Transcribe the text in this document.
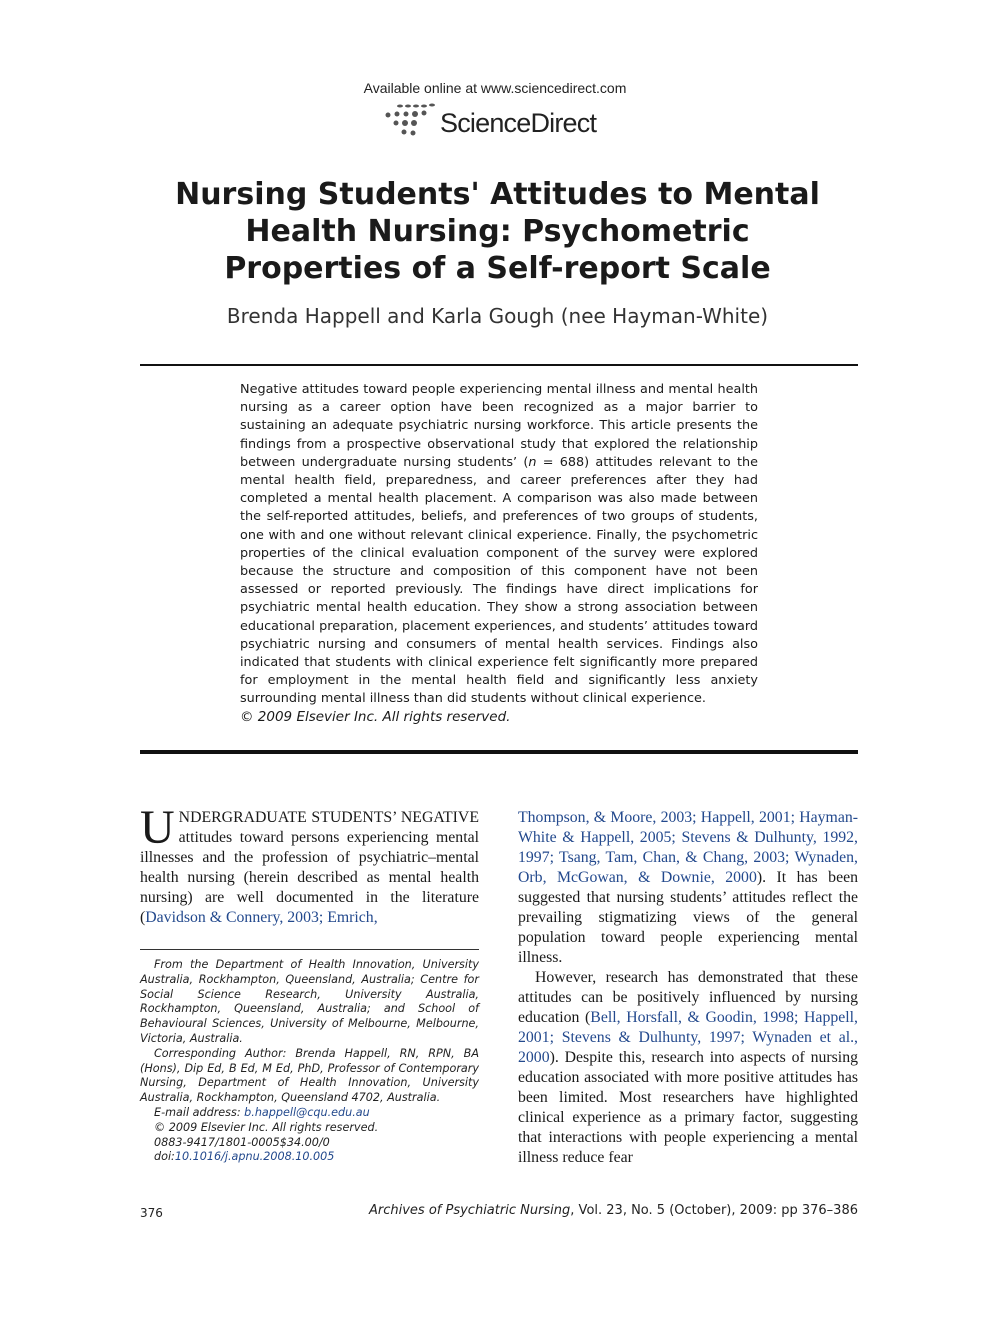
Available online at www.sciencedirect.com
ScienceDirect
Nursing Students' Attitudes to Mental
Health Nursing: Psychometric
Properties of a Self-report Scale
Brenda Happell and Karla Gough (nee Hayman-White)
Negative attitudes toward people experiencing mental illness and mental health nursing as a career option have been recognized as a major barrier to sustaining an adequate psychiatric nursing workforce. This article presents the findings from a prospective observational study that explored the relationship between undergraduate nursing students’ (n = 688) attitudes relevant to the mental health field, preparedness, and career preferences after they had completed a mental health placement. A comparison was also made between the self-reported attitudes, beliefs, and preferences of two groups of students, one with and one without relevant clinical experience. Finally, the psychometric properties of the clinical evaluation component of the survey were explored because the structure and composition of this component have not been assessed or reported previously. The findings have direct implications for psychiatric mental health education. They show a strong association between educational preparation, placement experiences, and students’ attitudes toward psychiatric nursing and consumers of mental health services. Findings also indicated that students with clinical experience felt significantly more prepared for employment in the mental health field and significantly less anxiety surrounding mental illness than did students without clinical experience.
© 2009 Elsevier Inc. All rights reserved.
UNDERGRADUATE STUDENTS’ NEGATIVE attitudes toward persons experiencing mental illnesses and the profession of psychiatric–mental health nursing (herein described as mental health nursing) are well documented in the literature (Davidson & Connery, 2003; Emrich,

From the Department of Health Innovation, University Australia, Rockhampton, Queensland, Australia; Centre for Social Science Research, University Australia, Rockhampton, Queensland, Australia; and School of Behavioural Sciences, University of Melbourne, Melbourne, Victoria, Australia.

Corresponding Author: Brenda Happell, RN, RPN, BA (Hons), Dip Ed, B Ed, M Ed, PhD, Professor of Contemporary Nursing, Department of Health Innovation, University Australia, Rockhampton, Queensland 4702, Australia.

E-mail address: b.happell@cqu.edu.au

© 2009 Elsevier Inc. All rights reserved.

0883-9417/1801-0005$34.00/0

doi:10.1016/j.apnu.2008.10.005

Thompson, & Moore, 2003; Happell, 2001; Hayman-White & Happell, 2005; Stevens & Dulhunty, 1992, 1997; Tsang, Tam, Chan, & Chang, 2003; Wynaden, Orb, McGowan, & Downie, 2000). It has been suggested that nursing students’ attitudes reflect the prevailing stigmatizing views of the general population toward people experiencing mental illness.
However, research has demonstrated that these attitudes can be positively influenced by nursing education (Bell, Horsfall, & Goodin, 1998; Happell, 2001; Stevens & Dulhunty, 1997; Wynaden et al., 2000). Despite this, research into aspects of nursing education associated with more positive attitudes has been limited. Most researchers have highlighted clinical experience as a primary factor, suggesting that interactions with people experiencing a mental illness reduce fear
376	Archives of Psychiatric Nursing, Vol. 23, No. 5 (October), 2009: pp 376–386
